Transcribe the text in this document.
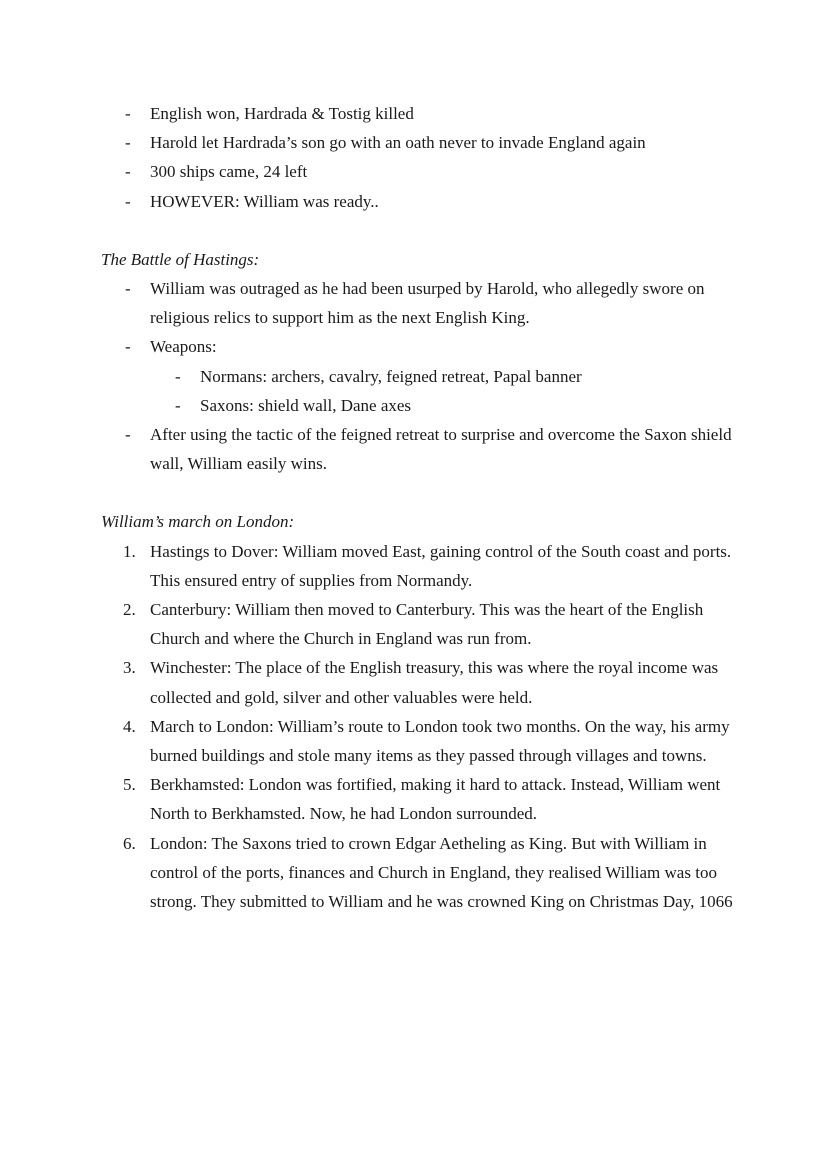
-	English won, Hardrada & Tostig killed
-	Harold let Hardrada’s son go with an oath never to invade England again
-	300 ships came, 24 left
-	HOWEVER: William was ready..

The Battle of Hastings:

-	William was outraged as he had been usurped by Harold, who allegedly swore on religious relics to support him as the next English King.
-	Weapons:
-	Normans: archers, cavalry, feigned retreat, Papal banner
-	Saxons: shield wall, Dane axes
-	After using the tactic of the feigned retreat to surprise and overcome the Saxon shield wall, William easily wins.

William’s march on London:

1. Hastings to Dover: William moved East, gaining control of the South coast and ports. This ensured entry of supplies from Normandy.
2. Canterbury: William then moved to Canterbury. This was the heart of the English Church and where the Church in England was run from.
3. Winchester: The place of the English treasury, this was where the royal income was collected and gold, silver and other valuables were held.
4. March to London: William’s route to London took two months. On the way, his army burned buildings and stole many items as they passed through villages and towns.
5. Berkhamsted: London was fortified, making it hard to attack. Instead, William went North to Berkhamsted. Now, he had London surrounded.
6. London: The Saxons tried to crown Edgar Aetheling as King. But with William in control of the ports, finances and Church in England, they realised William was too strong. They submitted to William and he was crowned King on Christmas Day, 1066
